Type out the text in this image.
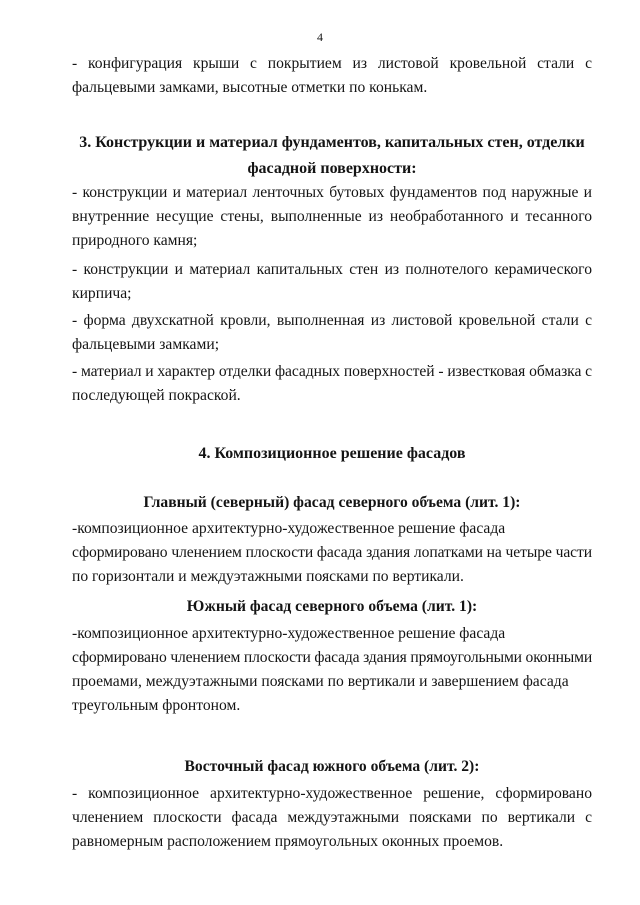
4
- конфигурация крыши с покрытием из листовой кровельной стали с
фальцевыми замками, высотные отметки по конькам.
3. Конструкции и материал фундаментов, капитальных стен, отделки
фасадной поверхности:
- конструкции и материал ленточных бутовых фундаментов под наружные и
внутренние несущие стены, выполненные из необработанного и тесанного
природного камня;
- конструкции и материал капитальных стен из полнотелого керамического
кирпича;
- форма двухскатной кровли, выполненная из листовой кровельной стали с
фальцевыми замками;
- материал и характер отделки фасадных поверхностей - известковая обмазка с
последующей покраской.
4. Композиционное решение фасадов
Главный (северный) фасад северного объема (лит. 1):
-композиционное архитектурно-художественное решение фасада
сформировано членением плоскости фасада здания лопатками на четыре части
по горизонтали и междуэтажными поясками по вертикали.
Южный фасад северного объема (лит. 1):
-композиционное архитектурно-художественное решение фасада
сформировано членением плоскости фасада здания прямоугольными оконными
проемами, междуэтажными поясками по вертикали и завершением фасада
треугольным фронтоном.
Восточный фасад южного объема (лит. 2):
- композиционное архитектурно-художественное решение, сформировано
членением плоскости фасада междуэтажными поясками по вертикали с
равномерным расположением прямоугольных оконных проемов.
